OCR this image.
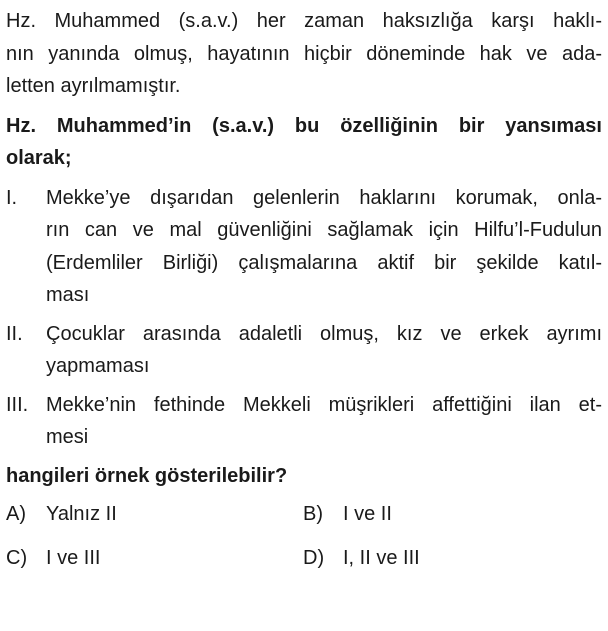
Hz. Muhammed (s.a.v.) her zaman haksızlığa karşı haklı-
nın yanında olmuş, hayatının hiçbir döneminde hak ve ada-
letten ayrılmamıştır.
Hz. Muhammed’in (s.a.v.) bu özelliğinin bir yansıması
olarak;
I.	Mekke’ye dışarıdan gelenlerin haklarını korumak, onla-
rın can ve mal güvenliğini sağlamak için Hilfu’l-Fudulun
(Erdemliler Birliği) çalışmalarına aktif bir şekilde katıl-
ması
II.	Çocuklar arasında adaletli olmuş, kız ve erkek ayrımı
yapmaması
III. Mekke’nin fethinde Mekkeli müşrikleri affettiğini ilan et-
mesi
hangileri örnek gösterilebilir?
A) Yalnız II	B) I ve II
C) I ve III	D) I, II ve III
